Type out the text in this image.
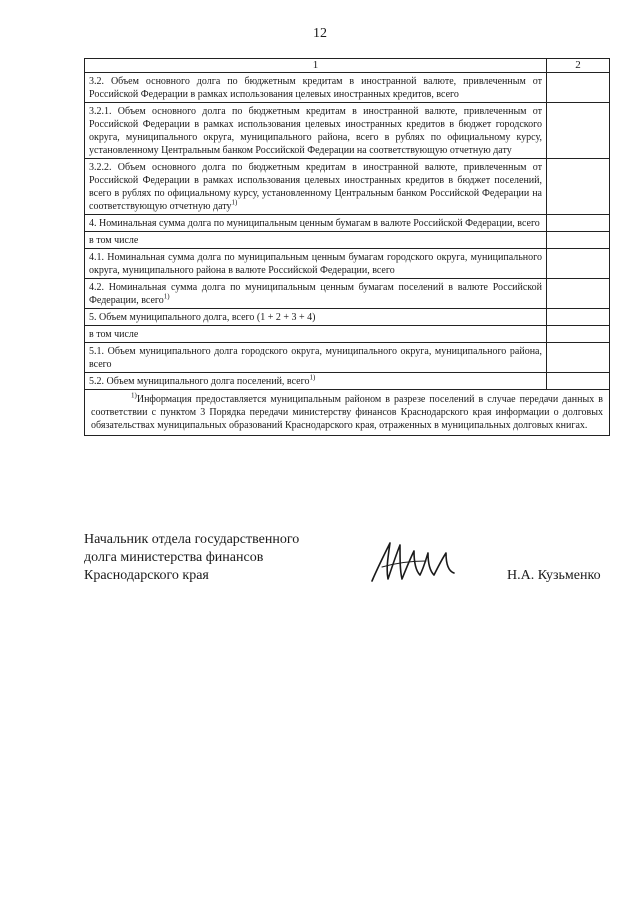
12
1	2
3.2. Объем основного долга по бюджетным кредитам в иностранной валюте, привлеченным от Российской Федерации в рамках использования целевых иностранных кредитов, всего	
3.2.1. Объем основного долга по бюджетным кредитам в иностранной валюте, привлеченным от Российской Федерации в рамках использования целевых иностранных кредитов в бюджет городского округа, муниципального округа, муниципального района, всего в рублях по официальному курсу, установленному Центральным банком Российской Федерации на соответствующую отчетную дату	
3.2.2. Объем основного долга по бюджетным кредитам в иностранной валюте, привлеченным от Российской Федерации в рамках использования целевых иностранных кредитов в бюджет поселений, всего в рублях по официальному курсу, установленному Центральным банком Российской Федерации на соответствующую отчетную дату$^{1)}$	
4. Номинальная сумма долга по муниципальным ценным бумагам в валюте Российской Федерации, всего	
в том числе	
4.1. Номинальная сумма долга по муниципальным ценным бумагам городского округа, муниципального округа, муниципального района в валюте Российской Федерации, всего	
4.2. Номинальная сумма долга по муниципальным ценным бумагам поселений в валюте Российской Федерации, всего$^{1)}$	
5. Объем муниципального долга, всего (1 + 2 + 3 + 4)	
в том числе	
5.1. Объем муниципального долга городского округа, муниципального округа, муниципального района, всего	
5.2. Объем муниципального долга поселений, всего$^{1)}$	
$^{1)}$Информация предоставляется муниципальным районом в разрезе поселений в случае передачи данных в соответствии с пунктом 3 Порядка передачи министерству финансов Краснодарского края информации о долговых обязательствах муниципальных образований Краснодарского края, отраженных в муниципальных долговых книгах.	
Начальник отдела государственного
долга министерства финансов
Краснодарского края	Н.А. Кузьменко
